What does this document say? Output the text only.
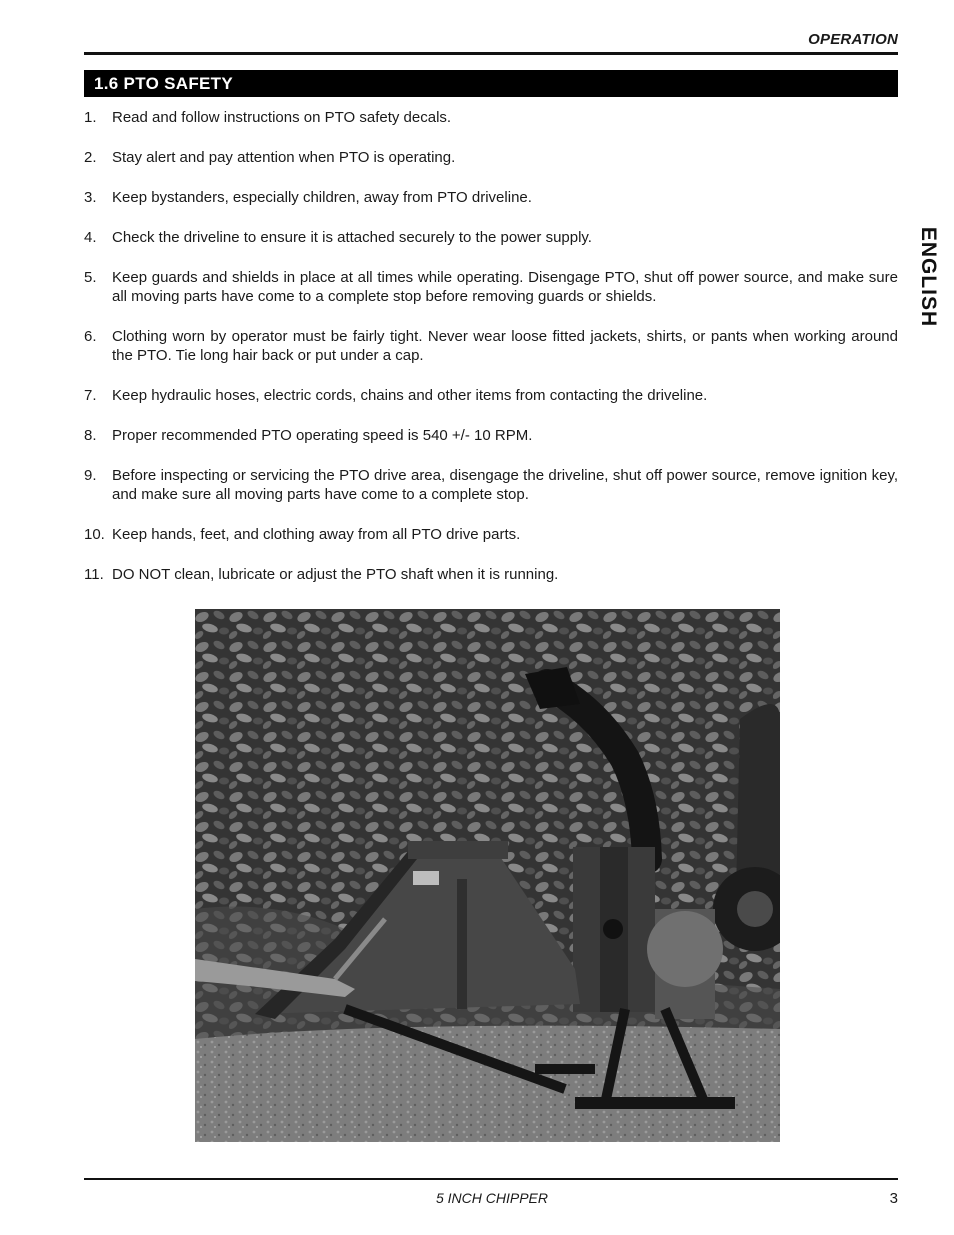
OPERATION
1.6 PTO SAFETY
ENGLISH
1.	Read and follow instructions on PTO safety decals.
2.	Stay alert and pay attention when PTO is operating.
3.	Keep bystanders, especially children, away from PTO driveline.
4.	Check the driveline to ensure it is attached securely to the power supply.
5.	Keep guards and shields in place at all times while operating. Disengage PTO, shut off power source, and make sure all moving parts have come to a complete stop before removing guards or shields.
6.	Clothing worn by operator must be fairly tight. Never wear loose fitted jackets, shirts, or pants when working around the PTO. Tie long hair back or put under a cap.
7.	Keep hydraulic hoses, electric cords, chains and other items from contacting the driveline.
8.	Proper recommended PTO operating speed is 540 +/- 10 RPM.
9.	Before inspecting or servicing the PTO drive area, disengage the driveline, shut off power source, remove ignition key, and make sure all moving parts have come to a complete stop.
10. Keep hands, feet, and clothing away from all PTO drive parts.
11. DO NOT clean, lubricate or adjust the PTO shaft when it is running.
5 INCH CHIPPER	3
